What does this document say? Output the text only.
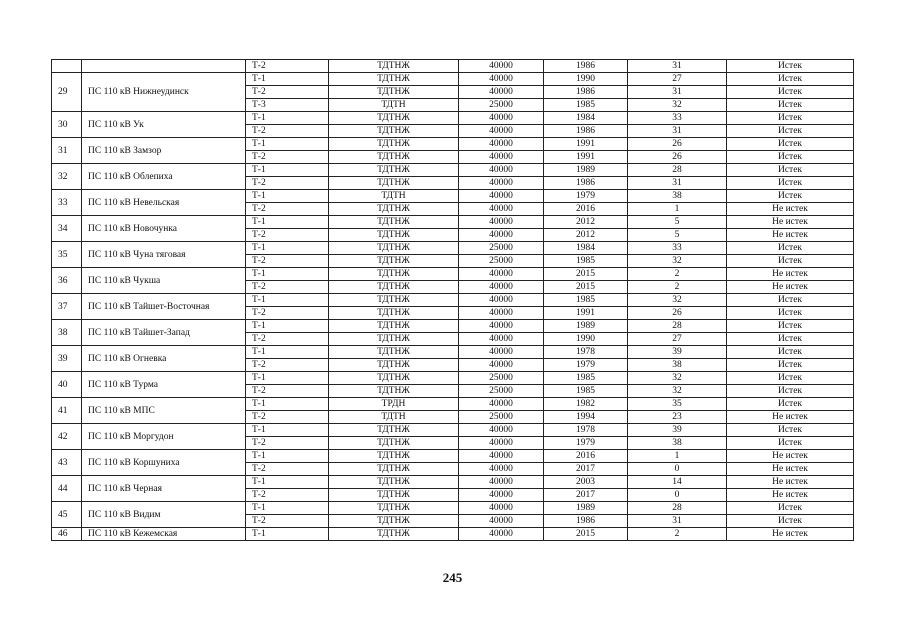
		Т-2	ТДТНЖ	40000	1986	31	Истек
29	ПС 110 кВ Нижнеудинск	Т-1	ТДТНЖ	40000	1990	27	Истек
		Т-2	ТДТНЖ	40000	1986	31	Истек
		Т-3	ТДТН	25000	1985	32	Истек
30	ПС 110 кВ Ук	Т-1	ТДТНЖ	40000	1984	33	Истек
		Т-2	ТДТНЖ	40000	1986	31	Истек
31	ПС 110 кВ Замзор	Т-1	ТДТНЖ	40000	1991	26	Истек
		Т-2	ТДТНЖ	40000	1991	26	Истек
32	ПС 110 кВ Облепиха	Т-1	ТДТНЖ	40000	1989	28	Истек
		Т-2	ТДТНЖ	40000	1986	31	Истек
33	ПС 110 кВ Невельская	Т-1	ТДТН	40000	1979	38	Истек
		Т-2	ТДТНЖ	40000	2016	1	Не истек
34	ПС 110 кВ Новочунка	Т-1	ТДТНЖ	40000	2012	5	Не истек
		Т-2	ТДТНЖ	40000	2012	5	Не истек
35	ПС 110 кВ Чуна тяговая	Т-1	ТДТНЖ	25000	1984	33	Истек
		Т-2	ТДТНЖ	25000	1985	32	Истек
36	ПС 110 кВ Чукша	Т-1	ТДТНЖ	40000	2015	2	Не истек
		Т-2	ТДТНЖ	40000	2015	2	Не истек
37	ПС 110 кВ Тайшет-Восточная	Т-1	ТДТНЖ	40000	1985	32	Истек
		Т-2	ТДТНЖ	40000	1991	26	Истек
38	ПС 110 кВ Тайшет-Запад	Т-1	ТДТНЖ	40000	1989	28	Истек
		Т-2	ТДТНЖ	40000	1990	27	Истек
39	ПС 110 кВ Огневка	Т-1	ТДТНЖ	40000	1978	39	Истек
		Т-2	ТДТНЖ	40000	1979	38	Истек
40	ПС 110 кВ Турма	Т-1	ТДТНЖ	25000	1985	32	Истек
		Т-2	ТДТНЖ	25000	1985	32	Истек
41	ПС 110 кВ МПС	Т-1	ТРДН	40000	1982	35	Истек
		Т-2	ТДТН	25000	1994	23	Не истек
42	ПС 110 кВ Моргудон	Т-1	ТДТНЖ	40000	1978	39	Истек
		Т-2	ТДТНЖ	40000	1979	38	Истек
43	ПС 110 кВ Коршуниха	Т-1	ТДТНЖ	40000	2016	1	Не истек
		Т-2	ТДТНЖ	40000	2017	0	Не истек
44	ПС 110 кВ Черная	Т-1	ТДТНЖ	40000	2003	14	Не истек
		Т-2	ТДТНЖ	40000	2017	0	Не истек
45	ПС 110 кВ Видим	Т-1	ТДТНЖ	40000	1989	28	Истек
		Т-2	ТДТНЖ	40000	1986	31	Истек
46	ПС 110 кВ Кежемская	Т-1	ТДТНЖ	40000	2015	2	Не истек
245
